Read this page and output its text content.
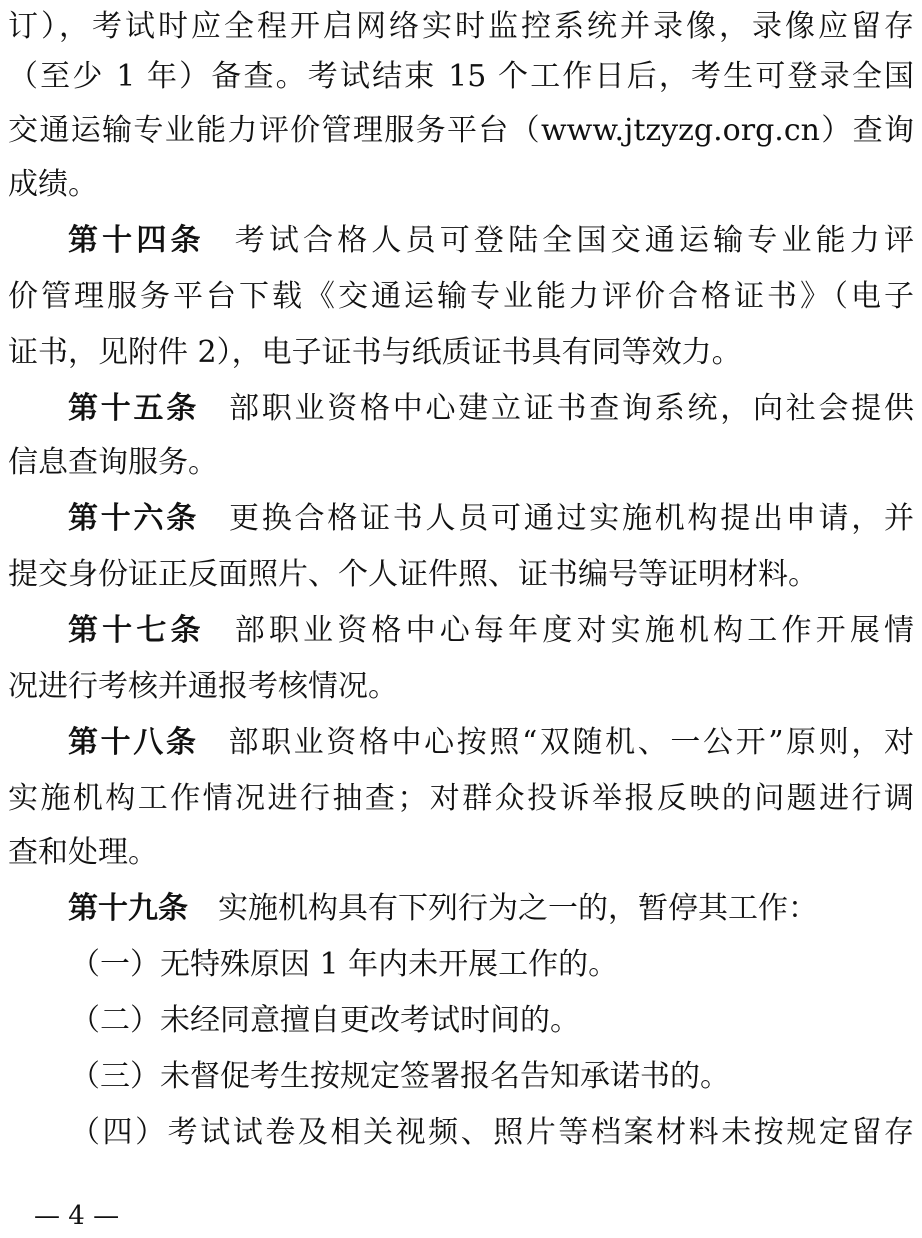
订），考试时应全程开启网络实时监控系统并录像，录像应留存
（至少 1 年）备查。考试结束 15 个工作日后，考生可登录全国
交通运输专业能力评价管理服务平台（www.jtzyzg.org.cn）查询
成绩。
第十四条 考试合格人员可登陆全国交通运输专业能力评
价管理服务平台下载《交通运输专业能力评价合格证书》（电子
证书，见附件 2），电子证书与纸质证书具有同等效力。
第十五条 部职业资格中心建立证书查询系统，向社会提供
信息查询服务。
第十六条 更换合格证书人员可通过实施机构提出申请，并
提交身份证正反面照片、个人证件照、证书编号等证明材料。
第十七条 部职业资格中心每年度对实施机构工作开展情
况进行考核并通报考核情况。
第十八条 部职业资格中心按照“双随机、一公开”原则，对
实施机构工作情况进行抽查；对群众投诉举报反映的问题进行调
查和处理。
第十九条 实施机构具有下列行为之一的，暂停其工作：
（一）无特殊原因 1 年内未开展工作的。
（二）未经同意擅自更改考试时间的。
（三）未督促考生按规定签署报名告知承诺书的。
（四）考试试卷及相关视频、照片等档案材料未按规定留存
— 4 —
